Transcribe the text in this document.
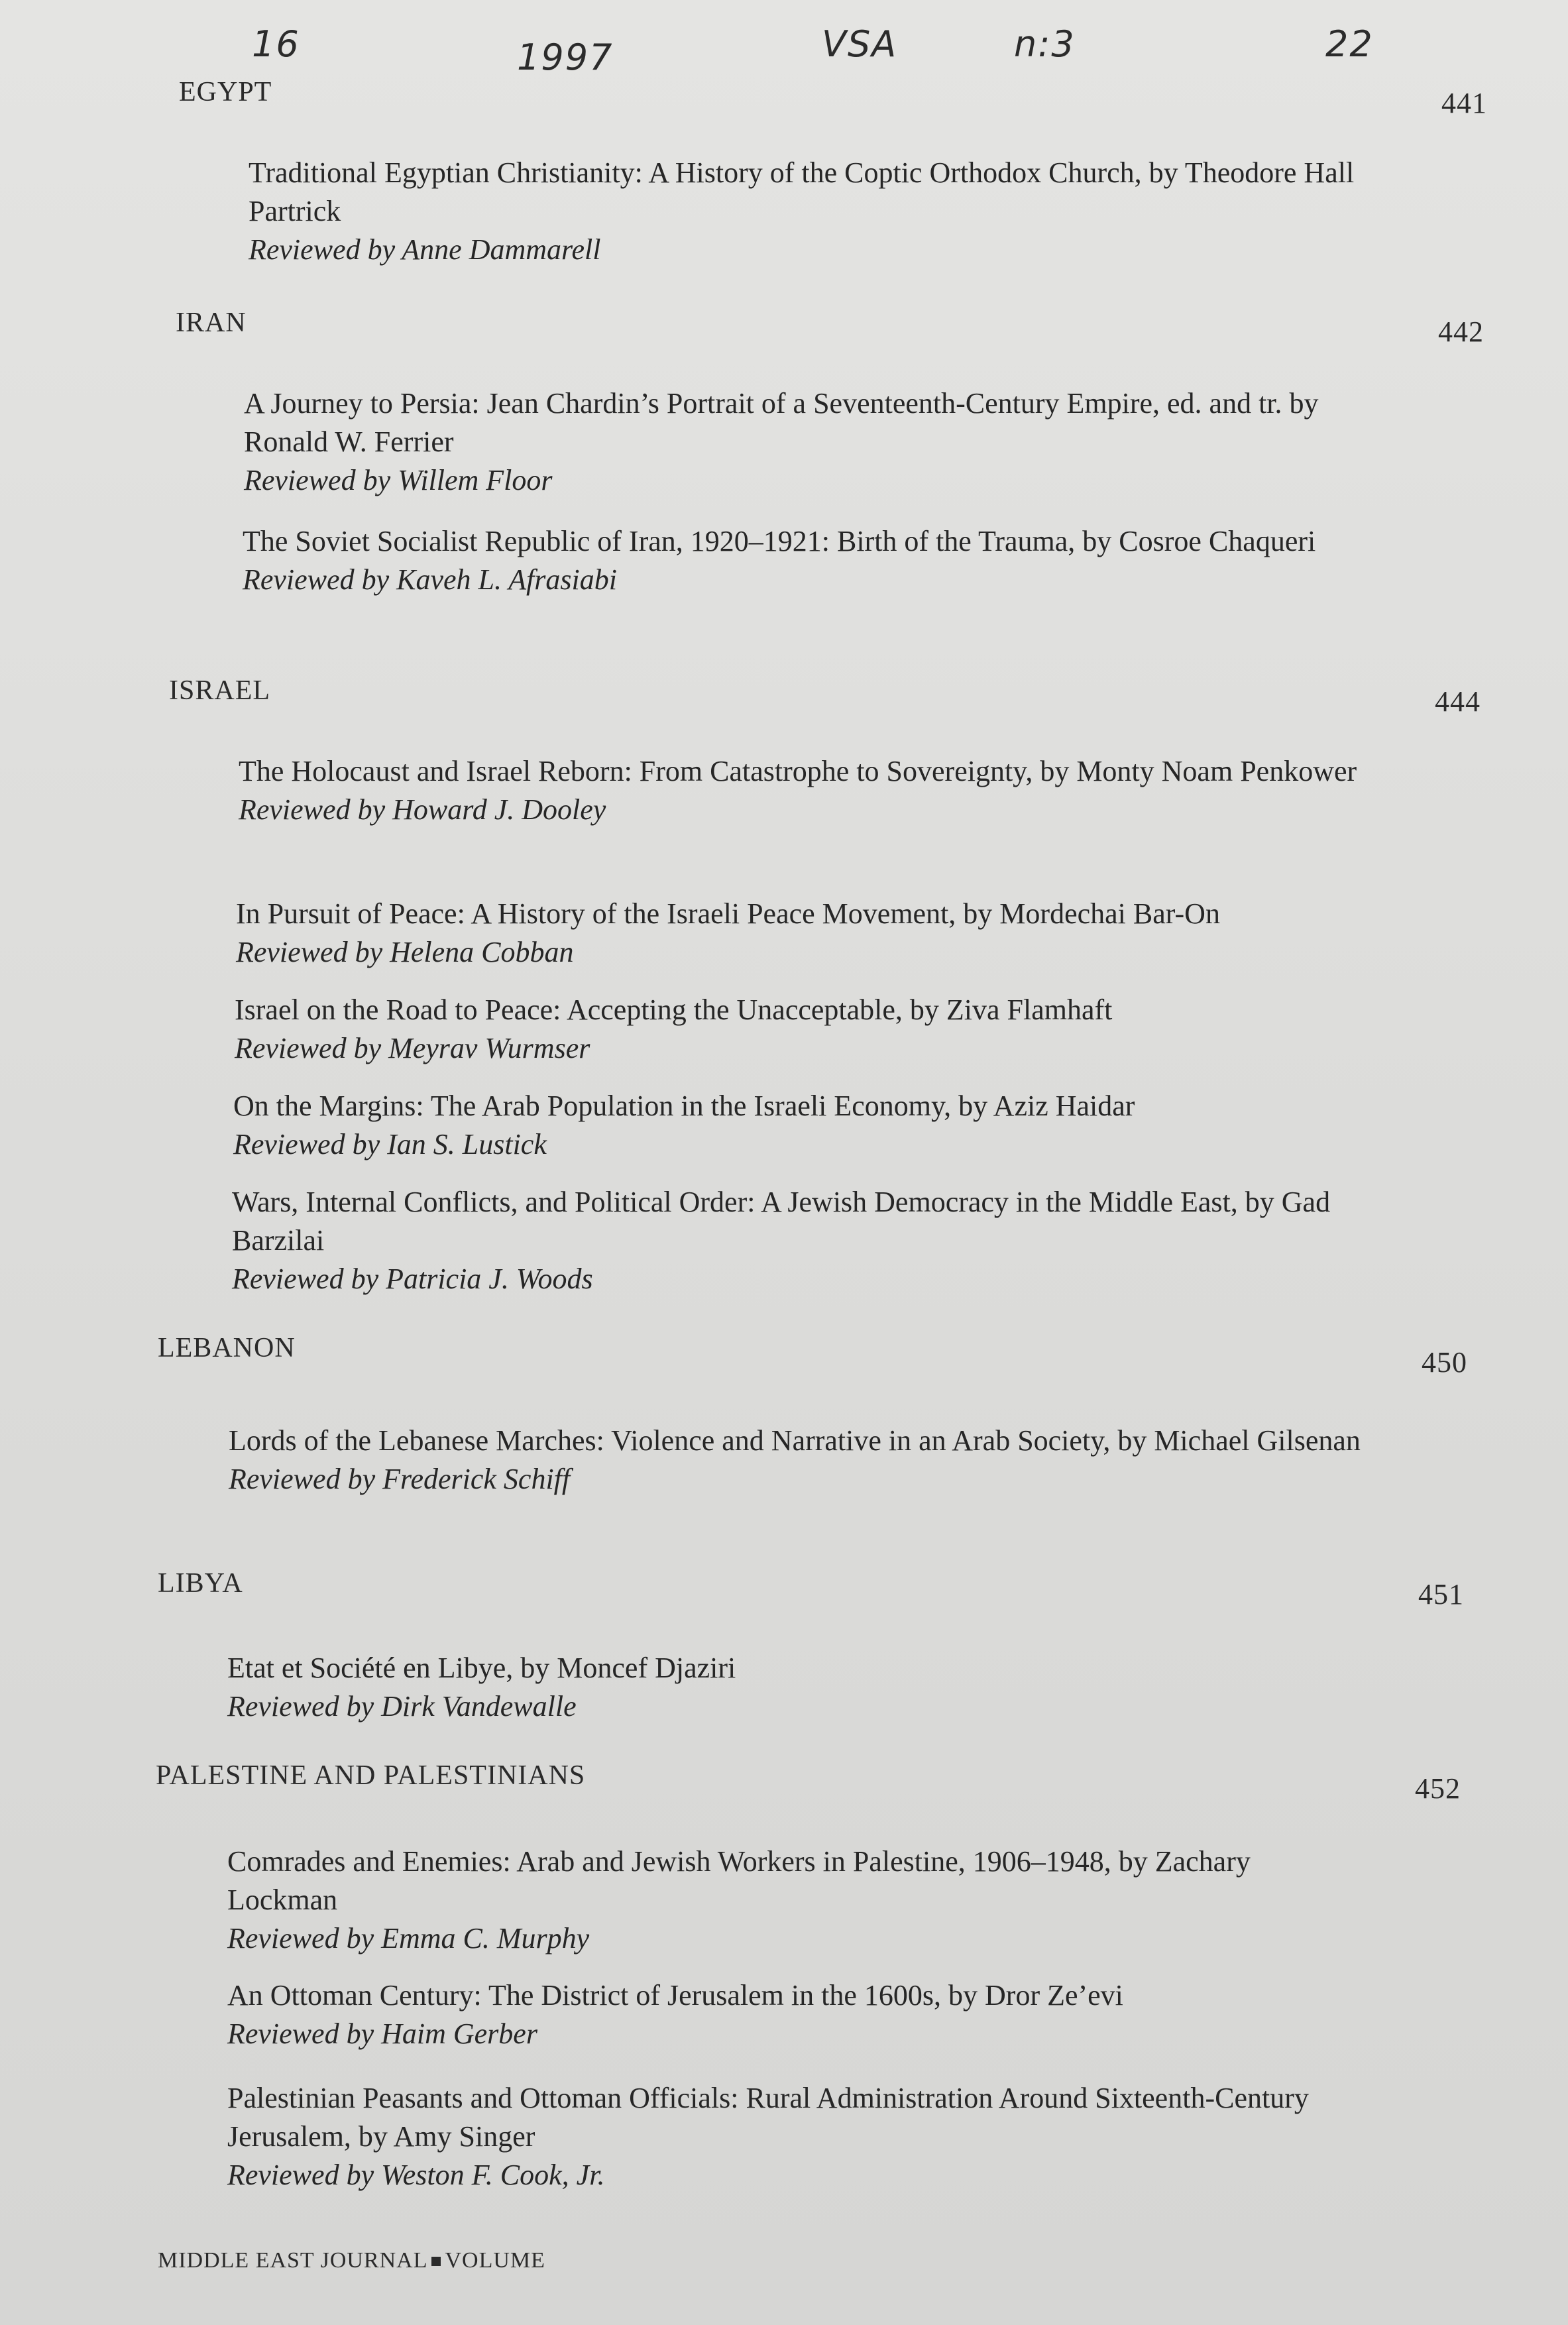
16	1997	VSA	n:3	22
EGYPT	441
Traditional Egyptian Christianity: A History of the Coptic Orthodox Church, by Theodore Hall Partrick
Reviewed by Anne Dammarell
IRAN	442
A Journey to Persia: Jean Chardin’s Portrait of a Seventeenth-Century Empire, ed. and tr. by Ronald W. Ferrier
Reviewed by Willem Floor
The Soviet Socialist Republic of Iran, 1920–1921: Birth of the Trauma, by Cosroe Chaqueri
Reviewed by Kaveh L. Afrasiabi
ISRAEL	444
The Holocaust and Israel Reborn: From Catastrophe to Sovereignty, by Monty Noam Penkower
Reviewed by Howard J. Dooley
In Pursuit of Peace: A History of the Israeli Peace Movement, by Mordechai Bar-On
Reviewed by Helena Cobban
Israel on the Road to Peace: Accepting the Unacceptable, by Ziva Flamhaft
Reviewed by Meyrav Wurmser
On the Margins: The Arab Population in the Israeli Economy, by Aziz Haidar
Reviewed by Ian S. Lustick
Wars, Internal Conflicts, and Political Order: A Jewish Democracy in the Middle East, by Gad Barzilai
Reviewed by Patricia J. Woods
LEBANON	450
Lords of the Lebanese Marches: Violence and Narrative in an Arab Society, by Michael Gilsenan
Reviewed by Frederick Schiff
LIBYA	451
Etat et Société en Libye, by Moncef Djaziri
Reviewed by Dirk Vandewalle
PALESTINE AND PALESTINIANS	452
Comrades and Enemies: Arab and Jewish Workers in Palestine, 1906–1948, by Zachary Lockman
Reviewed by Emma C. Murphy
An Ottoman Century: The District of Jerusalem in the 1600s, by Dror Ze’evi
Reviewed by Haim Gerber
Palestinian Peasants and Ottoman Officials: Rural Administration Around Sixteenth-Century Jerusalem, by Amy Singer
Reviewed by Weston F. Cook, Jr.
MIDDLE EAST JOURNAL VOLUME
